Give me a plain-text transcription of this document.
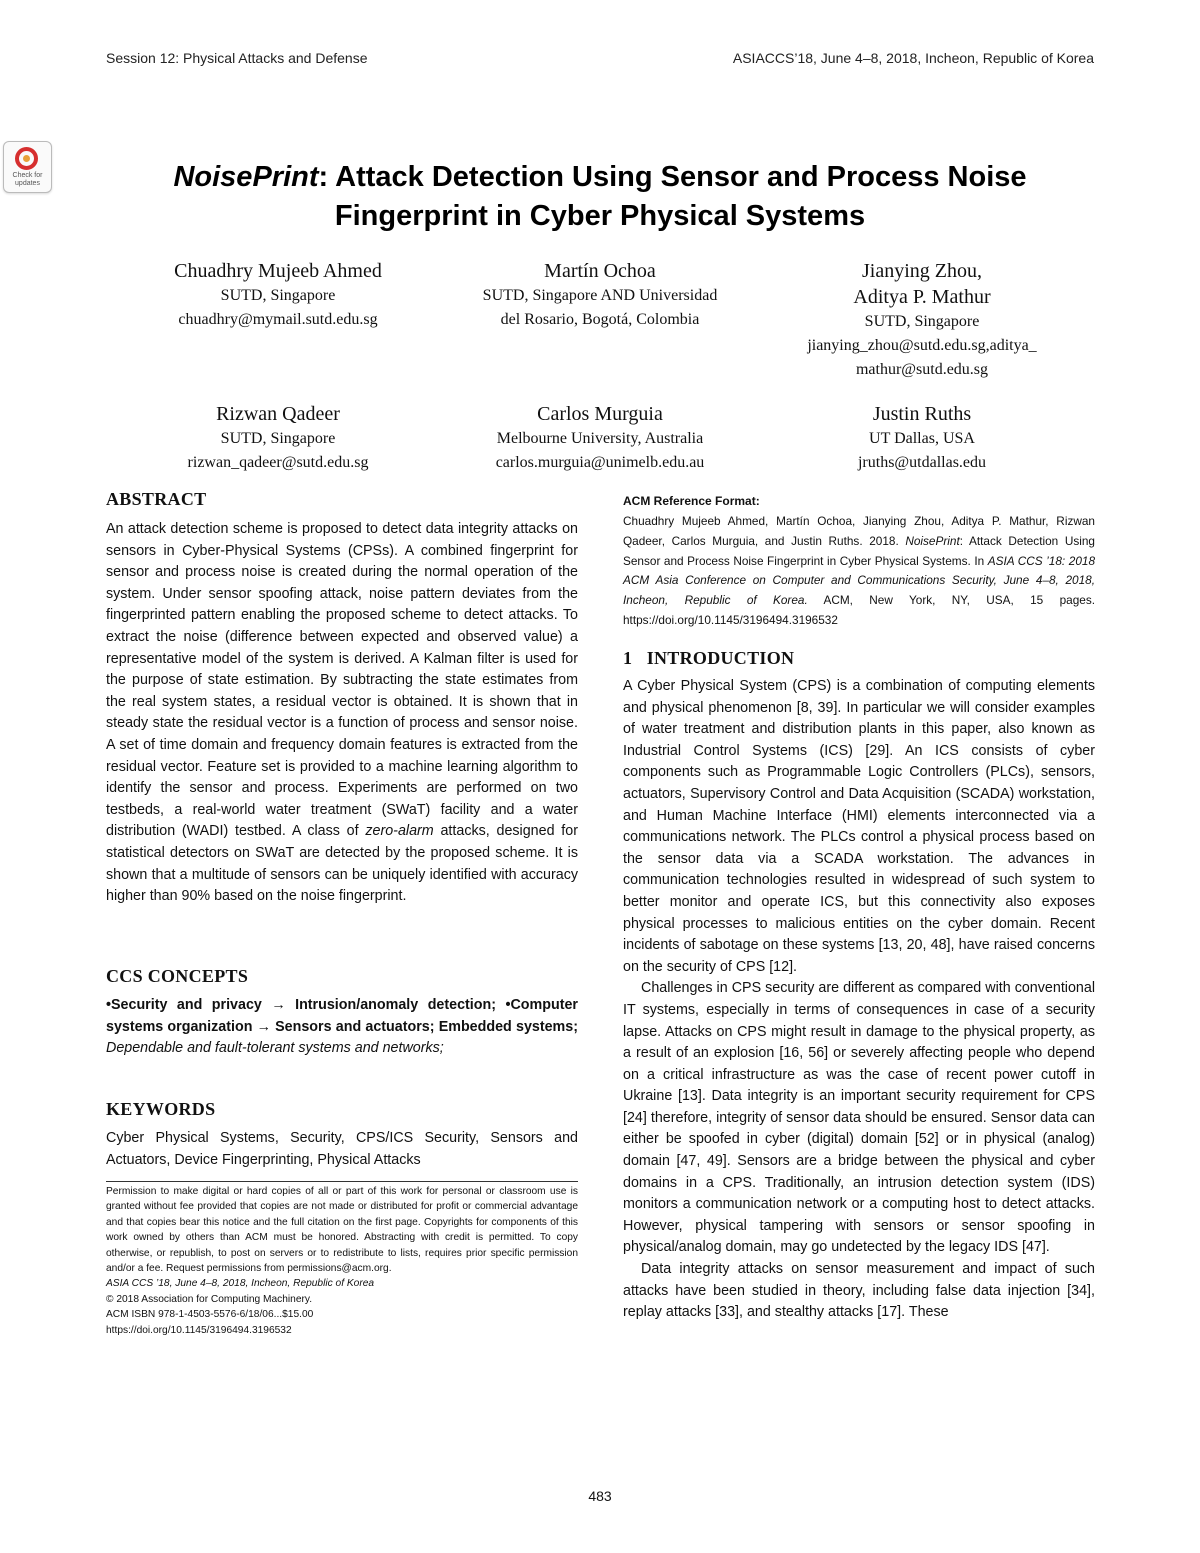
Session 12: Physical Attacks and Defense	ASIACCS’18, June 4–8, 2018, Incheon, Republic of Korea
Check for updates	NoisePrint: Attack Detection Using Sensor and Process Noise
Fingerprint in Cyber Physical Systems
Chuadhry Mujeeb Ahmed
SUTD, Singapore
chuadhry@mymail.sutd.edu.sg
Martín Ochoa
SUTD, Singapore AND Universidad
del Rosario, Bogotá, Colombia
Jianying Zhou,
Aditya P. Mathur
SUTD, Singapore
jianying_zhou@sutd.edu.sg,aditya_
mathur@sutd.edu.sg
Rizwan Qadeer
SUTD, Singapore
rizwan_qadeer@sutd.edu.sg
Carlos Murguia
Melbourne University, Australia
carlos.murguia@unimelb.edu.au
Justin Ruths
UT Dallas, USA
jruths@utdallas.edu
ABSTRACT

An attack detection scheme is proposed to detect data integrity attacks on sensors in Cyber-Physical Systems (CPSs). A combined fingerprint for sensor and process noise is created during the normal operation of the system. Under sensor spoofing attack, noise pattern deviates from the fingerprinted pattern enabling the proposed scheme to detect attacks. To extract the noise (difference between expected and observed value) a representative model of the system is derived. A Kalman filter is used for the purpose of state estimation. By subtracting the state estimates from the real system states, a residual vector is obtained. It is shown that in steady state the residual vector is a function of process and sensor noise. A set of time domain and frequency domain features is extracted from the residual vector. Feature set is provided to a machine learning algorithm to identify the sensor and process. Experiments are performed on two testbeds, a real-world water treatment (SWaT) facility and a water distribution (WADI) testbed. A class of zero-alarm attacks, designed for statistical detectors on SWaT are detected by the proposed scheme. It is shown that a multitude of sensors can be uniquely identified with accuracy higher than 90% based on the noise fingerprint.

CCS CONCEPTS

•Security and privacy → Intrusion/anomaly detection; •Computer systems organization → Sensors and actuators; Embedded systems; Dependable and fault-tolerant systems and networks;

KEYWORDS

Cyber Physical Systems, Security, CPS/ICS Security, Sensors and Actuators, Device Fingerprinting, Physical Attacks

Permission to make digital or hard copies of all or part of this work for personal or classroom use is granted without fee provided that copies are not made or distributed for profit or commercial advantage and that copies bear this notice and the full citation on the first page. Copyrights for components of this work owned by others than ACM must be honored. Abstracting with credit is permitted. To copy otherwise, or republish, to post on servers or to redistribute to lists, requires prior specific permission and/or a fee. Request permissions from permissions@acm.org.

ASIA CCS ’18, June 4–8, 2018, Incheon, Republic of Korea

© 2018 Association for Computing Machinery.

ACM ISBN 978-1-4503-5576-6/18/06...$15.00

https://doi.org/10.1145/3196494.3196532

ACM Reference Format:

Chuadhry Mujeeb Ahmed, Martín Ochoa, Jianying Zhou, Aditya P. Mathur, Rizwan Qadeer, Carlos Murguia, and Justin Ruths. 2018. NoisePrint: Attack Detection Using Sensor and Process Noise Fingerprint in Cyber Physical Systems. In ASIA CCS ’18: 2018 ACM Asia Conference on Computer and Communications Security, June 4–8, 2018, Incheon, Republic of Korea. ACM, New York, NY, USA, 15 pages. https://doi.org/10.1145/3196494.3196532

1   INTRODUCTION

A Cyber Physical System (CPS) is a combination of computing elements and physical phenomenon [8, 39]. In particular we will consider examples of water treatment and distribution plants in this paper, also known as Industrial Control Systems (ICS) [29]. An ICS consists of cyber components such as Programmable Logic Controllers (PLCs), sensors, actuators, Supervisory Control and Data Acquisition (SCADA) workstation, and Human Machine Interface (HMI) elements interconnected via a communications network. The PLCs control a physical process based on the sensor data via a SCADA workstation. The advances in communication technologies resulted in widespread of such system to better monitor and operate ICS, but this connectivity also exposes physical processes to malicious entities on the cyber domain. Recent incidents of sabotage on these systems [13, 20, 48], have raised concerns on the security of CPS [12].

Challenges in CPS security are different as compared with conventional IT systems, especially in terms of consequences in case of a security lapse. Attacks on CPS might result in damage to the physical property, as a result of an explosion [16, 56] or severely affecting people who depend on a critical infrastructure as was the case of recent power cutoff in Ukraine [13]. Data integrity is an important security requirement for CPS [24] therefore, integrity of sensor data should be ensured. Sensor data can either be spoofed in cyber (digital) domain [52] or in physical (analog) domain [47, 49]. Sensors are a bridge between the physical and cyber domains in a CPS. Traditionally, an intrusion detection system (IDS) monitors a communication network or a computing host to detect attacks. However, physical tampering with sensors or sensor spoofing in physical/analog domain, may go undetected by the legacy IDS [47].

Data integrity attacks on sensor measurement and impact of such attacks have been studied in theory, including false data injection [34], replay attacks [33], and stealthy attacks [17]. These

483
